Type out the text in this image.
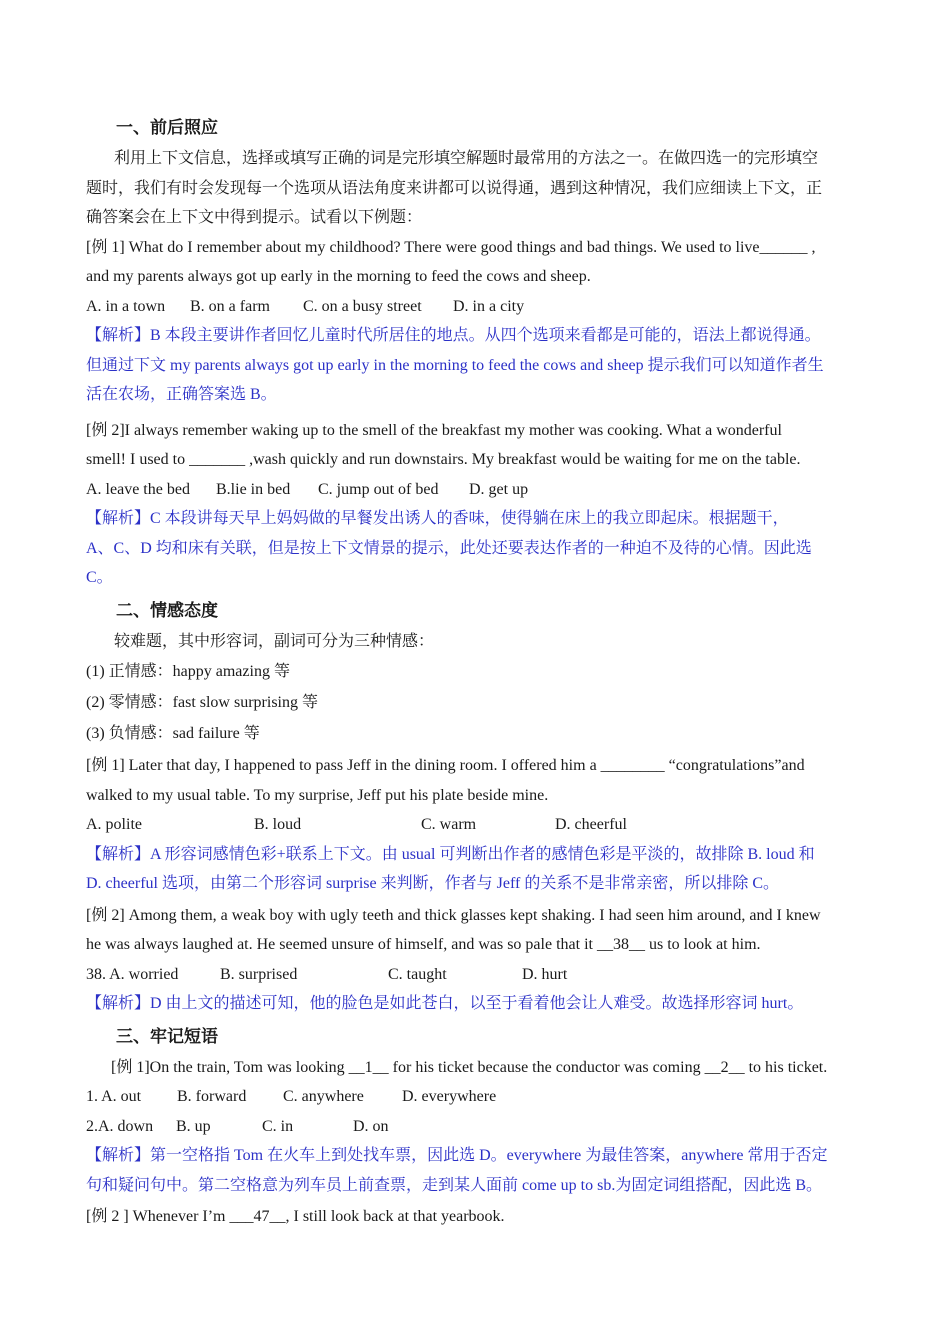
一、前后照应
利用上下文信息，选择或填写正确的词是完形填空解题时最常用的方法之一。在做四选一的完形填空
题时，我们有时会发现每一个选项从语法角度来讲都可以说得通，遇到这种情况，我们应细读上下文，正
确答案会在上下文中得到提示。试看以下例题：
[例 1] What do I remember about my childhood? There were good things and bad things. We used to live______ ,
and my parents always got up early in the morning to feed the cows and sheep.
A. in a town B. on a farm C. on a busy street D. in a city
【解析】B 本段主要讲作者回忆儿童时代所居住的地点。从四个选项来看都是可能的，语法上都说得通。
但通过下文 my parents always got up early in the morning to feed the cows and sheep 提示我们可以知道作者生
活在农场，正确答案选 B。
[例 2]I always remember waking up to the smell of the breakfast my mother was cooking. What a wonderful
smell! I used to _______ ,wash quickly and run downstairs. My breakfast would be waiting for me on the table.
A. leave the bed B.lie in bed C. jump out of bed D. get up
【解析】C 本段讲每天早上妈妈做的早餐发出诱人的香味，使得躺在床上的我立即起床。根据题干，
A、C、D 均和床有关联，但是按上下文情景的提示，此处还要表达作者的一种迫不及待的心情。因此选
C。
二、情感态度
较难题，其中形容词，副词可分为三种情感：
(1) 正情感：happy amazing 等
(2) 零情感：fast slow surprising 等
(3) 负情感：sad failure 等
[例 1] Later that day, I happened to pass Jeff in the dining room. I offered him a ________ “congratulations”and
walked to my usual table. To my surprise, Jeff put his plate beside mine.
A. polite	B. loud	C. warm	D. cheerful
【解析】A 形容词感情色彩+联系上下文。由 usual 可判断出作者的感情色彩是平淡的，故排除 B. loud 和
D. cheerful 选项，由第二个形容词 surprise 来判断，作者与 Jeff 的关系不是非常亲密，所以排除 C。
[例 2] Among them, a weak boy with ugly teeth and thick glasses kept shaking. I had seen him around, and I knew
he was always laughed at. He seemed unsure of himself, and was so pale that it __38__ us to look at him.
38. A. worried	B. surprised	C. taught	D. hurt
【解析】D 由上文的描述可知，他的脸色是如此苍白，以至于看着他会让人难受。故选择形容词 hurt。
三、牢记短语
[例 1]On the train, Tom was looking __1__ for his ticket because the conductor was coming __2__ to his ticket.
1. A. out B. forward C. anywhere D. everywhere
2.A. down B. up	C. in	D. on
【解析】第一空格指 Tom 在火车上到处找车票，因此选 D。everywhere 为最佳答案，anywhere 常用于否定
句和疑问句中。第二空格意为列车员上前查票，走到某人面前 come up to sb.为固定词组搭配，因此选 B。
[例 2 ] Whenever I’m ___47__, I still look back at that yearbook.
